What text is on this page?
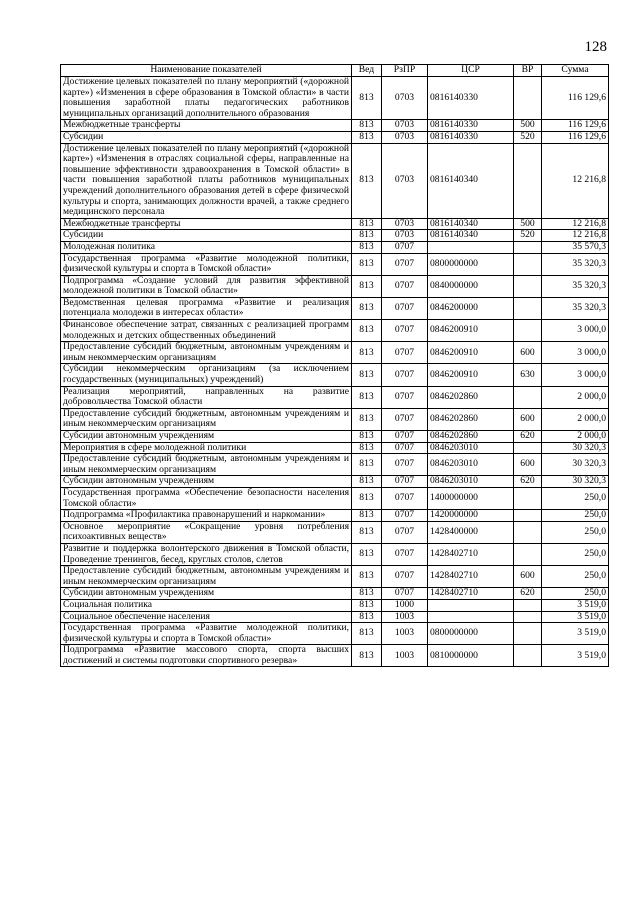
128
Наименование показателей	Вед	РзПР	ЦСР	ВР	Сумма
Достижение целевых показателей по плану мероприятий («дорожной карте») «Изменения в сфере образования в Томской области» в части повышения заработной платы педагогических работников муниципальных организаций дополнительного образования	813	0703	0816140330		116 129,6
Межбюджетные трансферты	813	0703	0816140330	500	116 129,6
Субсидии	813	0703	0816140330	520	116 129,6
Достижение целевых показателей по плану мероприятий («дорожной карте») «Изменения в отраслях социальной сферы, направленные на повышение эффективности здравоохранения в Томской области» в части повышения заработной платы работников муниципальных учреждений дополнительного образования детей в сфере физической культуры и спорта, занимающих должности врачей, а также среднего медицинского персонала	813	0703	0816140340		12 216,8
Межбюджетные трансферты	813	0703	0816140340	500	12 216,8
Субсидии	813	0703	0816140340	520	12 216,8
Молодежная политика	813	0707			35 570,3
Государственная программа «Развитие молодежной политики, физической культуры и спорта в Томской области»	813	0707	0800000000		35 320,3
Подпрограмма «Создание условий для развития эффективной молодежной политики в Томской области»	813	0707	0840000000		35 320,3
Ведомственная целевая программа «Развитие и реализация потенциала молодежи в интересах области»	813	0707	0846200000		35 320,3
Финансовое обеспечение затрат, связанных с реализацией программ молодежных и детских общественных объединений	813	0707	0846200910		3 000,0
Предоставление субсидий бюджетным, автономным учреждениям и иным некоммерческим организациям	813	0707	0846200910	600	3 000,0
Субсидии некоммерческим организациям (за исключением государственных (муниципальных) учреждений)	813	0707	0846200910	630	3 000,0
Реализация мероприятий, направленных на развитие добровольчества Томской области	813	0707	0846202860		2 000,0
Предоставление субсидий бюджетным, автономным учреждениям и иным некоммерческим организациям	813	0707	0846202860	600	2 000,0
Субсидии автономным учреждениям	813	0707	0846202860	620	2 000,0
Мероприятия в сфере молодежной политики	813	0707	0846203010		30 320,3
Предоставление субсидий бюджетным, автономным учреждениям и иным некоммерческим организациям	813	0707	0846203010	600	30 320,3
Субсидии автономным учреждениям	813	0707	0846203010	620	30 320,3
Государственная программа «Обеспечение безопасности населения Томской области»	813	0707	1400000000		250,0
Подпрограмма «Профилактика правонарушений и наркомании»	813	0707	1420000000		250,0
Основное мероприятие «Сокращение уровня потребления психоактивных веществ»	813	0707	1428400000		250,0
Развитие и поддержка волонтерского движения в Томской области, Проведение тренингов, бесед, круглых столов, слетов	813	0707	1428402710		250,0
Предоставление субсидий бюджетным, автономным учреждениям и иным некоммерческим организациям	813	0707	1428402710	600	250,0
Субсидии автономным учреждениям	813	0707	1428402710	620	250,0
Социальная политика	813	1000			3 519,0
Социальное обеспечение населения	813	1003			3 519,0
Государственная программа «Развитие молодежной политики, физической культуры и спорта в Томской области»	813	1003	0800000000		3 519,0
Подпрограмма «Развитие массового спорта, спорта высших достижений и системы подготовки спортивного резерва»	813	1003	0810000000		3 519,0
